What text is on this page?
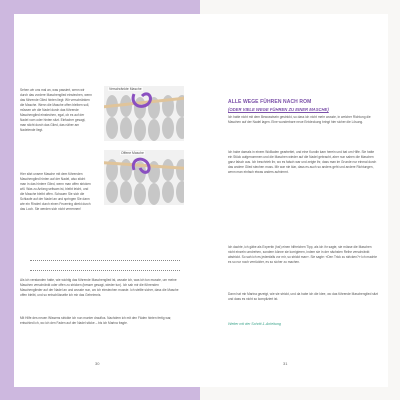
Sehen wir uns mal an, was passiert, wenn wir durch das vordere Maschenglied einstechen, wenn das führende Glied hinten liegt: Wir verschränken die Masche. Wenn die Masche offen bleiben soll, müssen wir die Nadel durch das führende Maschenglied einstechen, egal, ob es auf der Nadel vorn oder hinten sitzt. Einfacher gesagt, man sticht durch das Glied, das näher am Nadelende liegt.
Verschränkte Masche
Offene Masche
Hier sitzt unsere Masche mit dem führenden Maschenglied hinten auf der Nadel, also sticht man in das hintere Glied, wenn man offen stricken will. Was zu Anfang seltsam ist, bleibt leicht, und die Masche bleibt offen. Schauen Sie sich die Schlaufe auf der Nadel an und springen Sie dann wie ein Rinderl durch einen Feuerring direkt durch das Loch. Sie werden sich nicht verrennen!
Als ich verstanden hatte, wie wichtig das führende Maschenglied ist, wusste ich, was ich tun musste, um meine Maschen verschränkt oder offen zu stricken (besser gesagt, wieder tun). Ich sah mir die führenden Maschenglieder auf der Nadel an und wusste nun, wo ich einstechen musste. Ich stellte sicher, dass die Masche offen bleibt, und so entschlüsselte ich mir das Geheimnis.
Mit Hilfe des neuen Wissens strickte ich nun munter drauflos. Nachdem ich mit den Fäden hinten fertig war, entschied ich, wo ich den Faden auf der Nadel sticke – bis ich Marina fragte.
30
ALLE WEGE FÜHREN NACH ROM
(ODER VIELE WEGE FÜHREN ZU EINER MASCHE)
Ich hatte nicht mit dem Bewusstsein gestrickt, so dass ich nicht mehr wusste, in welcher Richtung die Maschen auf der Nadel lagen. Eine wunderbare neue Entdeckung bringt hier sicher die Lösung.
Ich habe damals in einem Wollladen gearbeitet, und eine Kundin kam herein und bat um Hilfe. Sie hatte ein Stück aufgenommen und die Maschen wieder auf die Nadel gebracht, aber nun sahen die Maschen ganz falsch aus. Ich beschrieb ihr, wo es falsch war und zeigte ihr, dass man im Grunde nur einmal durch das andere Glied stechen muss. Mir war nie klar, dass es auch so anders geht und andere Richtungen, wenn man einfach etwas anders aufnimmt.
Ich dachte, ich gäbe als Expertin (ha!) einen hilfreichen Tipp, als ich ihr sagte, sie müsse die Maschen nicht einzeln umdrehen, sondern könne sie korrigieren, indem sie in der nächsten Reihe verschränkt abstrickt. So sah ich es jedenfalls vor mir, so strickt man». Sie sagte: «Den Trick zu stricken?» Ich machte es so nur noch verrückter, es so sicher zu machen.
Dann hat mir Marina gezeigt, wie sie strickt, und da habe ich die Idee, wo das führende Maschenglied sitzt und dass es nicht so kompliziert ist.
Weiter mit der Schritt-1-Anleitung
31
